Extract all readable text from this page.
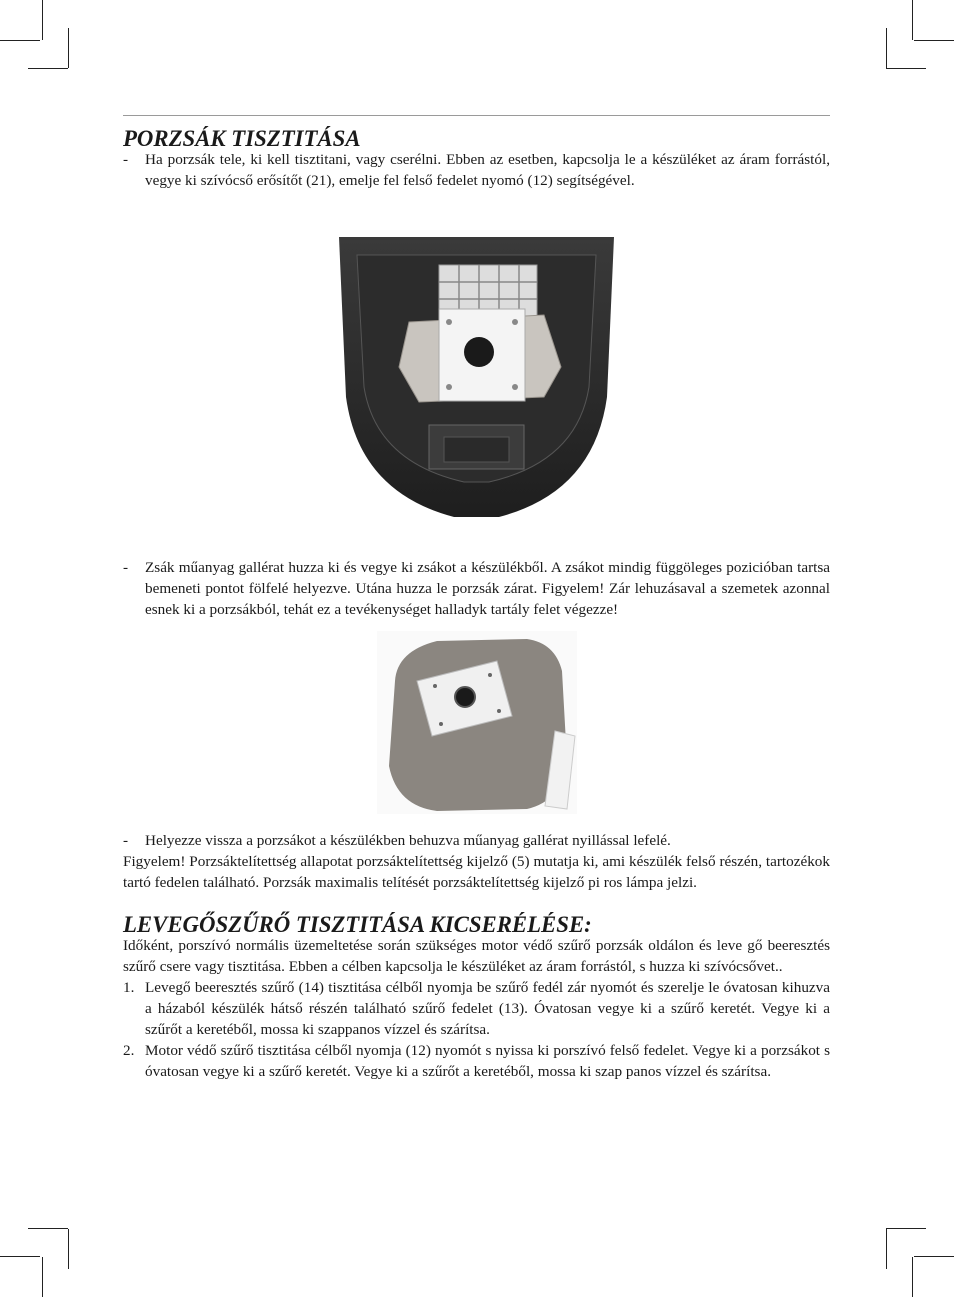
PORZSÁK TISZTITÁSA
-	Ha porzsák tele, ki kell tisztitani, vagy cserélni. Ebben az esetben, kapcsolja le a készüléket az áram forrástól, vegye ki szívócső erősítőt (21), emelje fel felső fedelet nyomó (12) segítségével.
-	Zsák műanyag gallérat huzza ki és vegye ki zsákot a készülékből. A zsákot mindig függöleges pozicióban tartsa bemeneti pontot fölfelé helyezve. Utána huzza le porzsák zárat. Figyelem! Zár lehuzásaval a szemetek azonnal esnek ki a porzsákból, tehát ez a tevékenységet halladyk tartály felet végezze!
-	Helyezze vissza a porzsákot a készülékben behuzva műanyag gallérat nyillással lefelé.

Figyelem! Porzsáktelítettség allapotat porzsáktelítettség kijelző (5) mutatja ki, ami készülék felső részén, tartozékok tartó fedelen található. Porzsák maximalis telítését porzsáktelítettség kijelző pi ros lámpa jelzi.

LEVEGŐSZŰRŐ TISZTITÁSA KICSERÉLÉSE:

Időként, porszívó normális üzemeltetése során szükséges motor védő szűrő porzsák oldálon és leve gő beeresztés szűrő csere vagy tisztitása. Ebben a célben kapcsolja le készüléket az áram forrástól, s huzza ki szívócsővet..

1. Levegő beeresztés szűrő (14) tisztitása célből nyomja be szűrő fedél zár nyomót és szerelje le óvatosan kihuzva a házaból készülék hátső részén található szűrő fedelet (13). Óvatosan vegye ki a szűrő keretét. Vegye ki a szűrőt a keretéből, mossa ki szappanos vízzel és szárítsa.
2. Motor védő szűrő tisztitása célből nyomja (12) nyomót s nyissa ki porszívó felső fedelet. Vegye ki a porzsákot s óvatosan vegye ki a szűrő keretét. Vegye ki a szűrőt a keretéből, mossa ki szap panos vízzel és szárítsa.
